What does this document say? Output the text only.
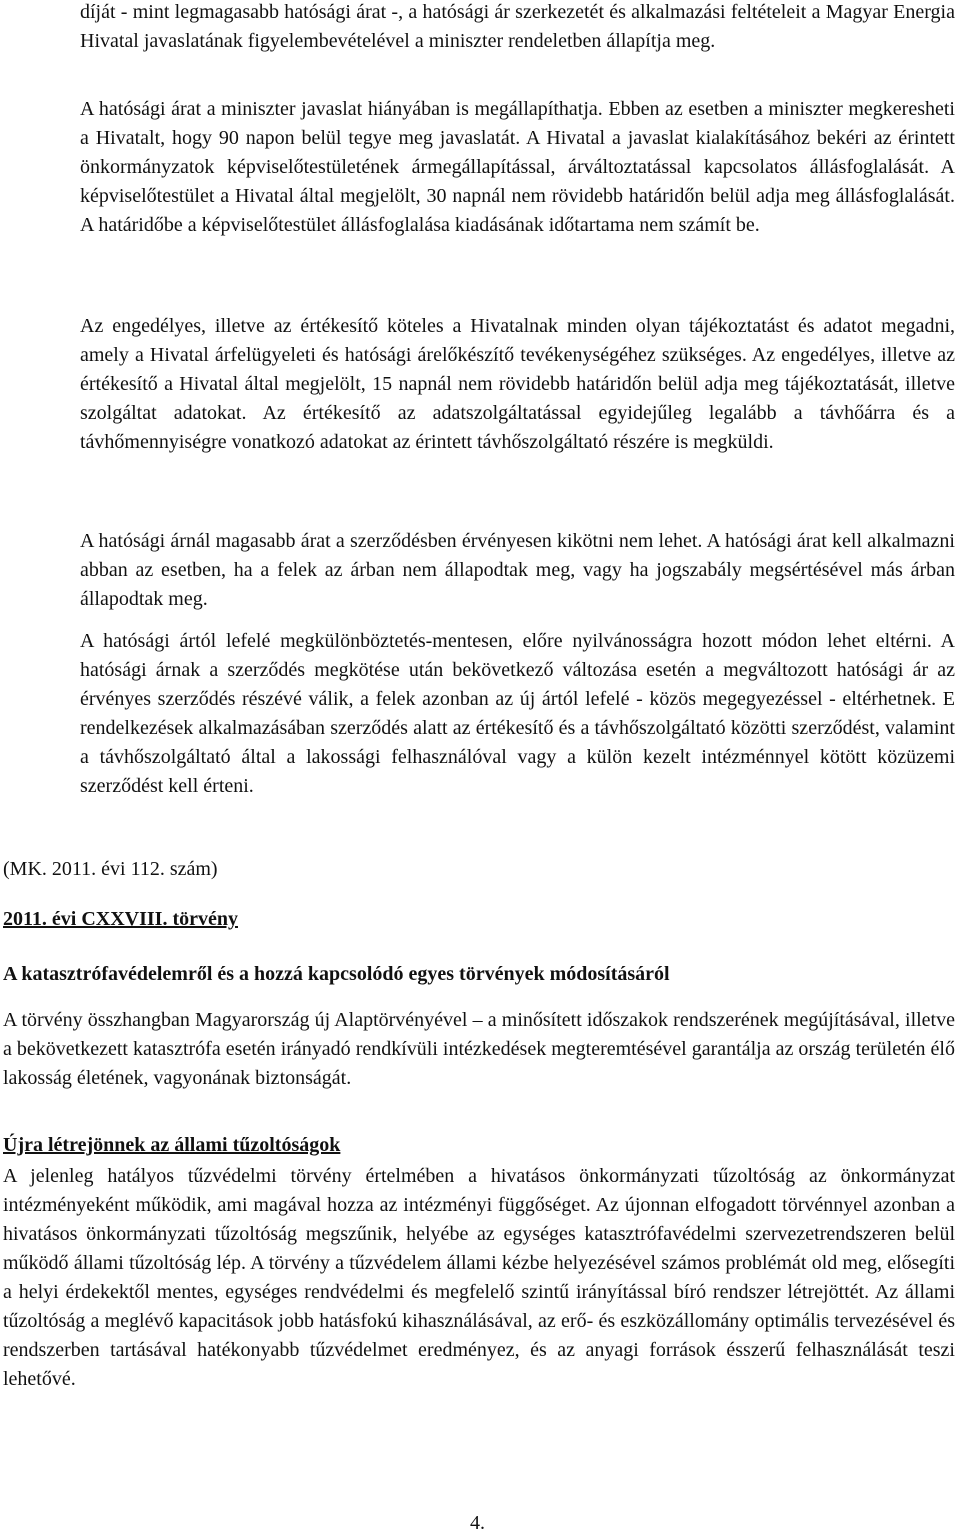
díját - mint legmagasabb hatósági árat -, a hatósági ár szerkezetét és alkalmazási feltételeit a Magyar Energia Hivatal javaslatának figyelembevételével a miniszter rendeletben állapítja meg.

A hatósági árat a miniszter javaslat hiányában is megállapíthatja. Ebben az esetben a miniszter megkeresheti a Hivatalt, hogy 90 napon belül tegye meg javaslatát. A Hivatal a javaslat kialakításához bekéri az érintett önkormányzatok képviselőtestületének ármegállapítással, árváltoztatással kapcsolatos állásfoglalását. A képviselőtestület a Hivatal által megjelölt, 30 napnál nem rövidebb határidőn belül adja meg állásfoglalását. A határidőbe a képviselőtestület állásfoglalása kiadásának időtartama nem számít be.

Az engedélyes, illetve az értékesítő köteles a Hivatalnak minden olyan tájékoztatást és adatot megadni, amely a Hivatal árfelügyeleti és hatósági árelőkészítő tevékenységéhez szükséges. Az engedélyes, illetve az értékesítő a Hivatal által megjelölt, 15 napnál nem rövidebb határidőn belül adja meg tájékoztatását, illetve szolgáltat adatokat. Az értékesítő az adatszolgáltatással egyidejűleg legalább a távhőárra és a távhőmennyiségre vonatkozó adatokat az érintett távhőszolgáltató részére is megküldi.

A hatósági árnál magasabb árat a szerződésben érvényesen kikötni nem lehet. A hatósági árat kell alkalmazni abban az esetben, ha a felek az árban nem állapodtak meg, vagy ha jogszabály megsértésével más árban állapodtak meg.

A hatósági ártól lefelé megkülönböztetés-mentesen, előre nyilvánosságra hozott módon lehet eltérni. A hatósági árnak a szerződés megkötése után bekövetkező változása esetén a megváltozott hatósági ár az érvényes szerződés részévé válik, a felek azonban az új ártól lefelé - közös megegyezéssel - eltérhetnek. E rendelkezések alkalmazásában szerződés alatt az értékesítő és a távhőszolgáltató közötti szerződést, valamint a távhőszolgáltató által a lakossági felhasználóval vagy a külön kezelt intézménnyel kötött közüzemi szerződést kell érteni.

(MK. 2011. évi 112. szám)
2011. évi CXXVIII. törvény
A katasztrófavédelemről és a hozzá kapcsolódó egyes törvények módosításáról

A törvény összhangban Magyarország új Alaptörvényével – a minősített időszakok rendszerének megújításával, illetve a bekövetkezett katasztrófa esetén irányadó rendkívüli intézkedések megteremtésével garantálja az ország területén élő lakosság életének, vagyonának biztonságát.

Újra létrejönnek az állami tűzoltóságok

A jelenleg hatályos tűzvédelmi törvény értelmében a hivatásos önkormányzati tűzoltóság az önkormányzat intézményeként működik, ami magával hozza az intézményi függőséget. Az újonnan elfogadott törvénnyel azonban a hivatásos önkormányzati tűzoltóság megszűnik, helyébe az egységes katasztrófavédelmi szervezetrendszeren belül működő állami tűzoltóság lép. A törvény a tűzvédelem állami kézbe helyezésével számos problémát old meg, elősegíti a helyi érdekektől mentes, egységes rendvédelmi és megfelelő szintű irányítással bíró rendszer létrejöttét. Az állami tűzoltóság a meglévő kapacitások jobb hatásfokú kihasználásával, az erő- és eszközállomány optimális tervezésével és rendszerben tartásával hatékonyabb tűzvédelmet eredményez, és az anyagi források ésszerű felhasználását teszi lehetővé.

4.
